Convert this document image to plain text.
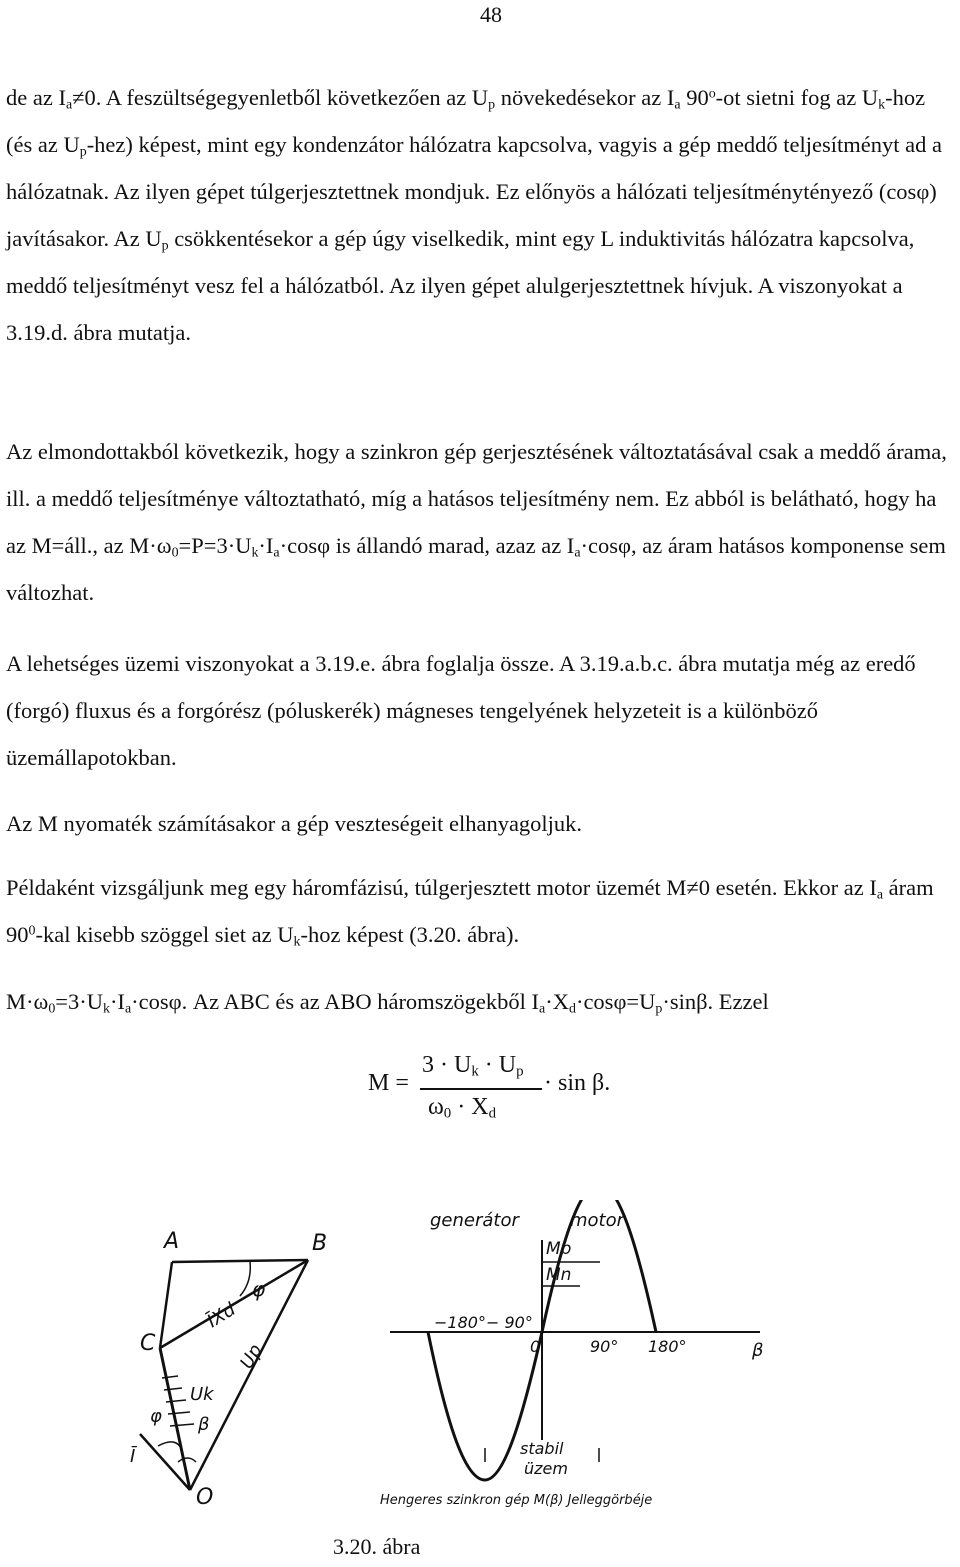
48

de az $I_a\ne 0$. A feszültségegyenletből következően az $U_p$ növekedésekor az $I_a$ 90$^o$-ot sietni fog az $U_k$-hoz (és az $U_p-hez$) képest, mint egy kondenzátor hálózatra kapcsolva, vagyis a gép meddő teljesítményt ad a hálózatnak. Az ilyen gépet túlgerjesztettnek mondjuk. Ez előnyös a hálózati teljesítménytényező (cosφ) javításakor. Az $U_p$ csökkentésekor a gép úgy viselkedik, mint egy L induktivitás hálózatra kapcsolva, meddő teljesítményt vesz fel a hálózatból. Az ilyen gépet alulgerjesztettnek hívjuk. A viszonyokat a 3.19.d. ábra mutatja.

Az elmondottakból következik, hogy a szinkron gép gerjesztésének változtatásával csak a meddő árama, ill. a meddő teljesítménye változtatható, míg a hatásos teljesítmény nem. Ez abból is belátható, hogy ha az M=áll., az $M\cdot\omega_0=P=3\cdot U_k\cdot I_a\cdot\cos\varphi$ is állandó marad, azaz az $I_a\cdot\cos\varphi$, az áram hatásos komponense sem változhat.

A lehetséges üzemi viszonyokat a 3.19.e. ábra foglalja össze. A 3.19.a.b.c. ábra mutatja még az eredő (forgó) fluxus és a forgórész (póluskerék) mágneses tengelyének helyzeteit is a különböző üzemállapotokban.

Az M nyomaték számításakor a gép veszteségeit elhanyagoljuk.

Példaként vizsgáljunk meg egy háromfázisú, túlgerjesztett motor üzemét M≠0 esetén. Ekkor az $I_a$ áram $90^0$-kal kisebb szöggel siet az $U_k$-hoz képest (3.20. ábra).

$M\cdot\omega_0=3\cdot U_k\cdot I_a\cdot\cos\varphi$. Az ABC és az ABO háromszögekből $I_a\cdot X_d\cdot\cos\varphi=U_p\cdot\sin\beta$. Ezzel

M =
$3 \cdot U_k \cdot U_p$
$\omega_0 \cdot X_d$
· sin β.
A	B
C
O
φ
ĪXd
Uk
Up
β
φ
Ī
generátor	motor
Mb
Mn
−180° − 90°
0	90° 180°	β
stabil
üzem
Hengeres szinkron gép M(β) Jelleggörbéje
3.20. ábra
